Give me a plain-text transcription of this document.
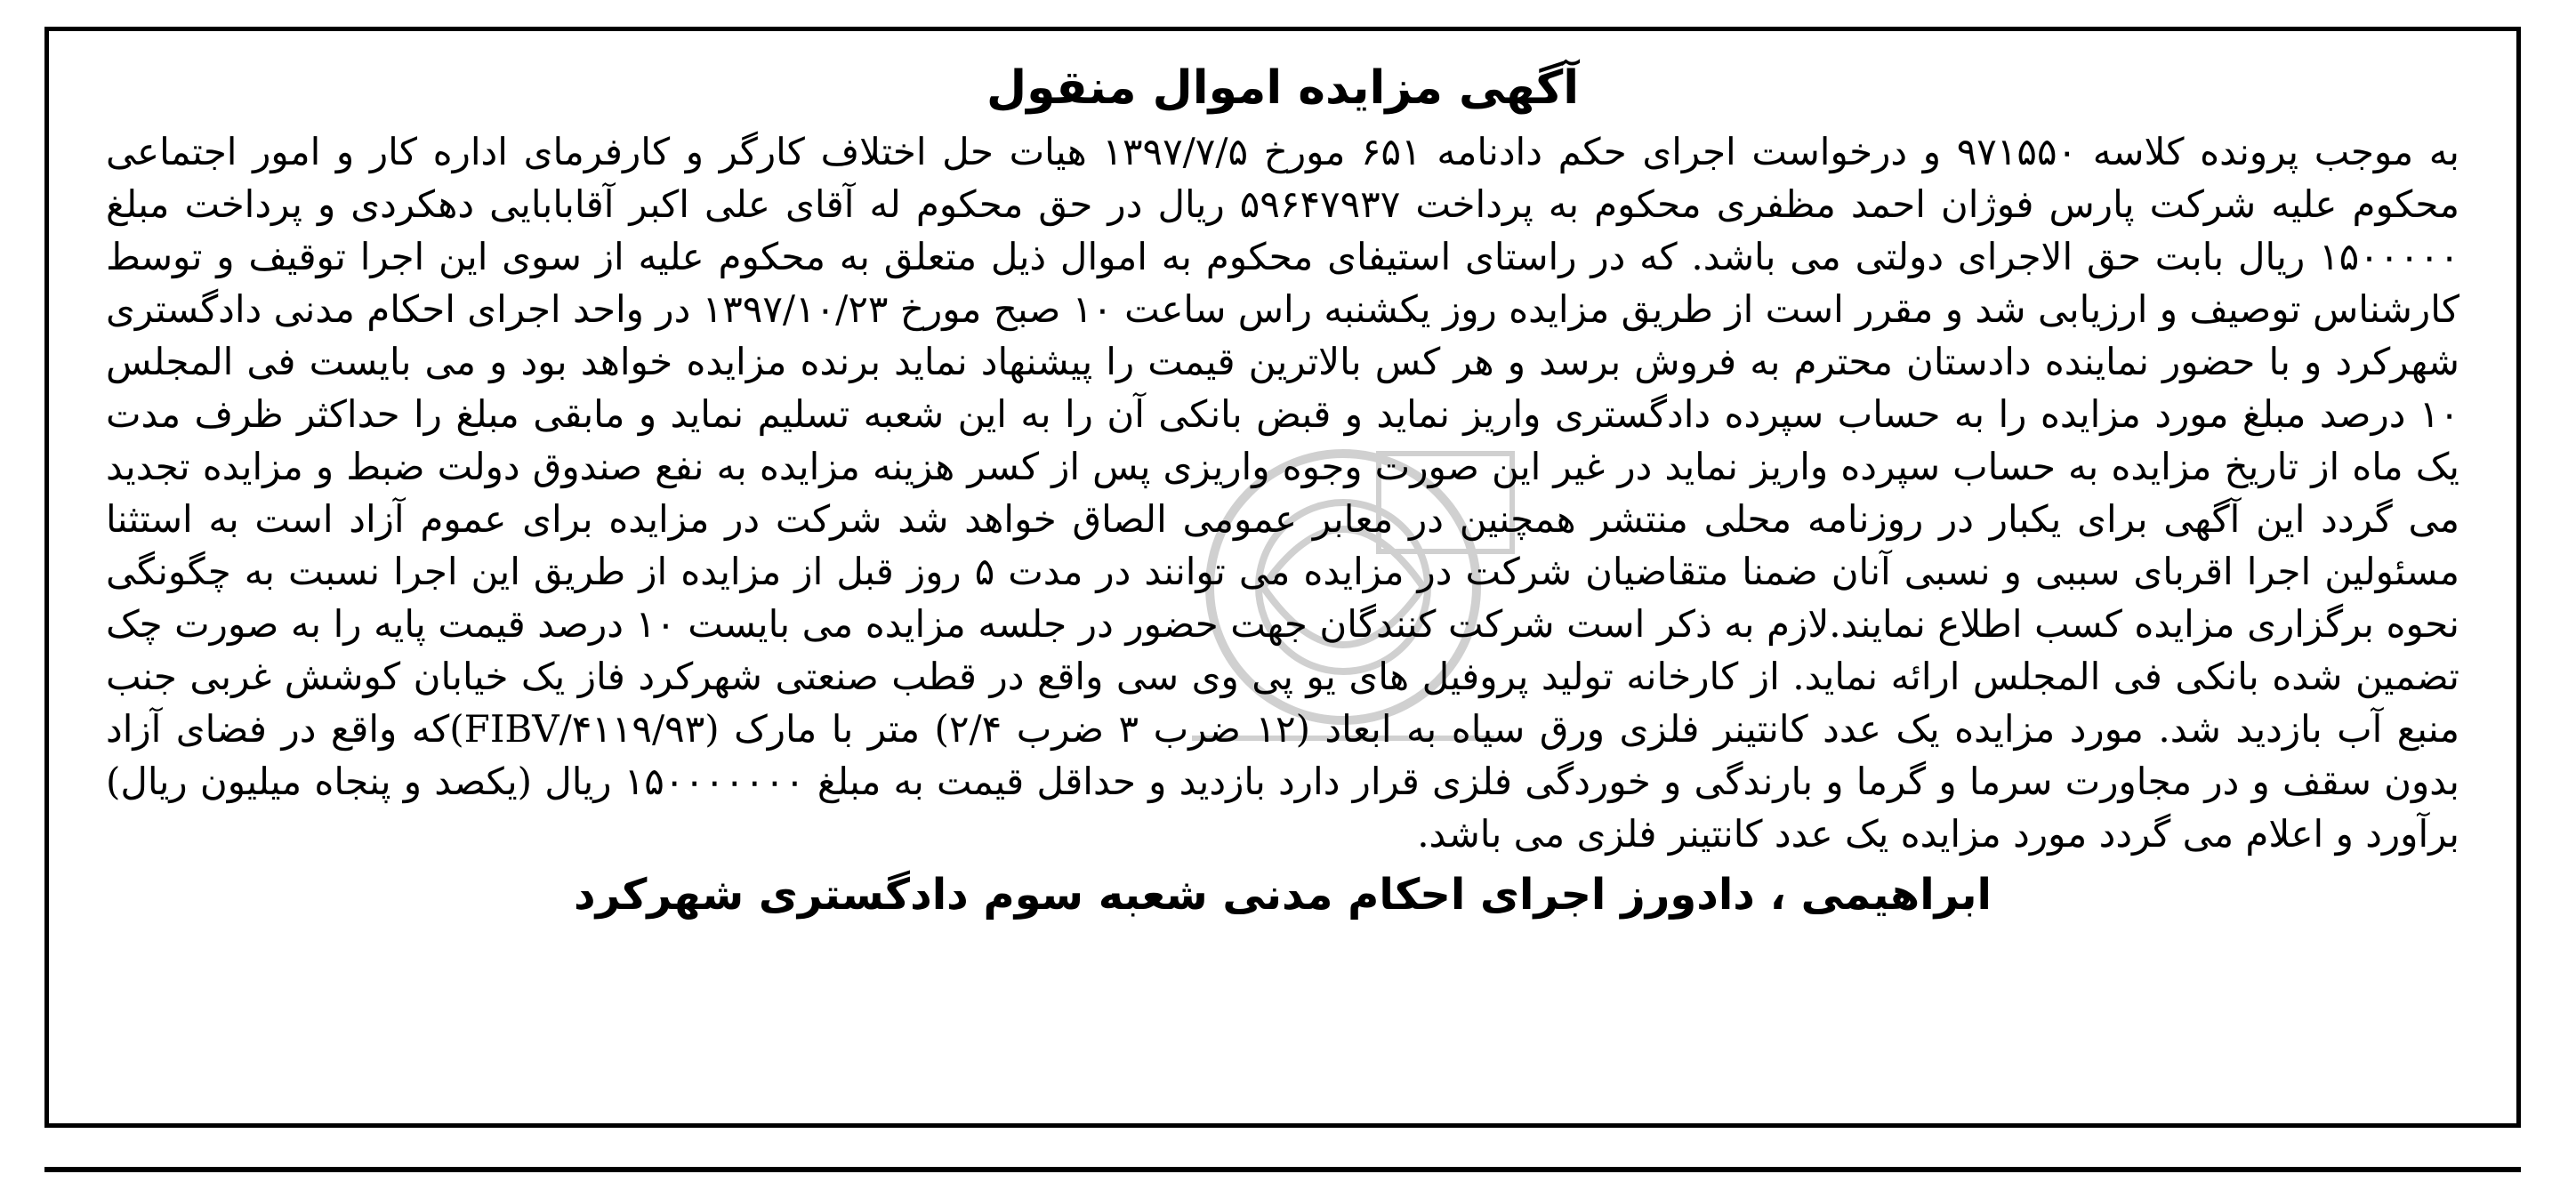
آگهی مزایده اموال منقول

به موجب پرونده کلاسه ۹۷۱۵۵۰ و درخواست اجرای حکم دادنامه ۶۵۱ مورخ ۱۳۹۷/۷/۵ هیات حل اختلاف کارگر و کارفرمای اداره کار و امور اجتماعی محکوم علیه شرکت پارس فوژان احمد مظفری محکوم به پرداخت ۵۹۶۴۷۹۳۷ ریال در حق محکوم له آقای علی اکبر آقابابایی دهکردی و پرداخت مبلغ ۱۵۰۰۰۰۰ ریال بابت حق الاجرای دولتی می باشد. که در راستای استیفای محکوم به اموال ذیل متعلق به محکوم علیه از سوی این اجرا توقیف و توسط کارشناس توصیف و ارزیابی شد و مقرر است از طریق مزایده روز یکشنبه راس ساعت ۱۰ صبح مورخ ۱۳۹۷/۱۰/۲۳ در واحد اجرای احکام مدنی دادگستری شهرکرد و با حضور نماینده دادستان محترم به فروش برسد و هر کس بالاترین قیمت را پیشنهاد نماید برنده مزایده خواهد بود و می بایست فی المجلس ۱۰ درصد مبلغ مورد مزایده را به حساب سپرده دادگستری واریز نماید و قبض بانکی آن را به این شعبه تسلیم نماید و مابقی مبلغ را حداکثر ظرف مدت یک ماه از تاریخ مزایده به حساب سپرده واریز نماید در غیر این صورت وجوه واریزی پس از کسر هزینه مزایده به نفع صندوق دولت ضبط و مزایده تجدید می گردد این آگهی برای یکبار در روزنامه محلی منتشر همچنین در معابر عمومی الصاق خواهد شد شرکت در مزایده برای عموم آزاد است به استثنا مسئولین اجرا اقربای سببی و نسبی آنان ضمنا متقاضیان شرکت در مزایده می توانند در مدت ۵ روز قبل از مزایده از طریق این اجرا نسبت به چگونگی نحوه برگزاری مزایده کسب اطلاع نمایند.لازم به ذکر است شرکت کنندگان جهت حضور در جلسه مزایده می بایست ۱۰ درصد قیمت پایه را به صورت چک تضمین شده بانکی فی المجلس ارائه نماید. از کارخانه تولید پروفیل های یو پی وی سی واقع در قطب صنعتی شهرکرد فاز یک خیابان کوشش غربی جنب منبع آب بازدید شد. مورد مزایده یک عدد کانتینر فلزی ورق سیاه به ابعاد (۱۲ ضرب ۳ ضرب ۲/۴) متر با مارک (FIBV/۴۱۱۹/۹۳)که واقع در فضای آزاد بدون سقف و در مجاورت سرما و گرما و بارندگی و خوردگی فلزی قرار دارد بازدید و حداقل قیمت به مبلغ ۱۵۰۰۰۰۰۰۰ ریال (یکصد و پنجاه میلیون ریال) برآورد و اعلام می گردد مورد مزایده یک عدد کانتینر فلزی می باشد.

ابراهیمی ، دادورز اجرای احکام مدنی شعبه سوم دادگستری شهرکرد
